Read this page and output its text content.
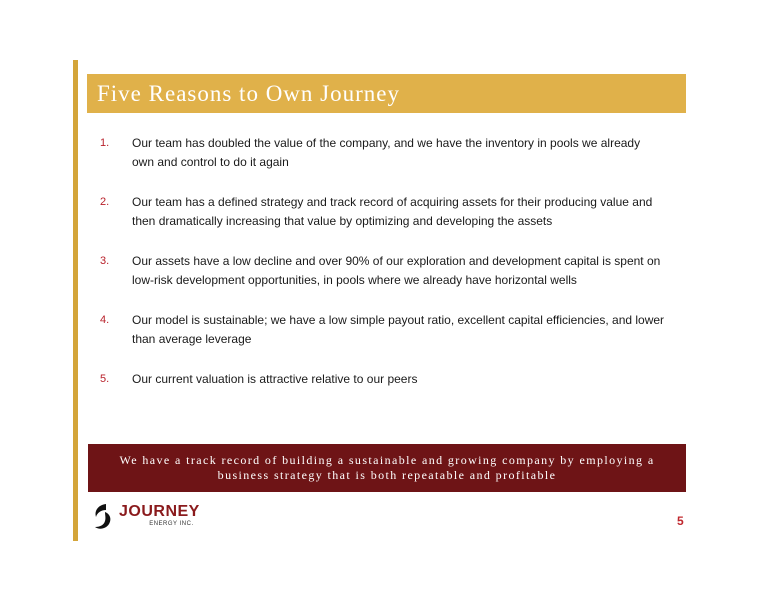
Five Reasons to Own Journey
1.	Our team has doubled the value of the company, and we have the inventory in pools we already own and control to do it again
2.	Our team has a defined strategy and track record of acquiring assets for their producing value and then dramatically increasing that value by optimizing and developing the assets
3.	Our assets have a low decline and over 90% of our exploration and development capital is spent on low-risk development opportunities, in pools where we already have horizontal wells
4.	Our model is sustainable; we have a low simple payout ratio, excellent capital efficiencies, and lower than average leverage
5.	Our current valuation is attractive relative to our peers
We have a track record of building a sustainable and growing company by employing a business strategy that is both repeatable and profitable
JOURNEY
ENERGY INC.	5
